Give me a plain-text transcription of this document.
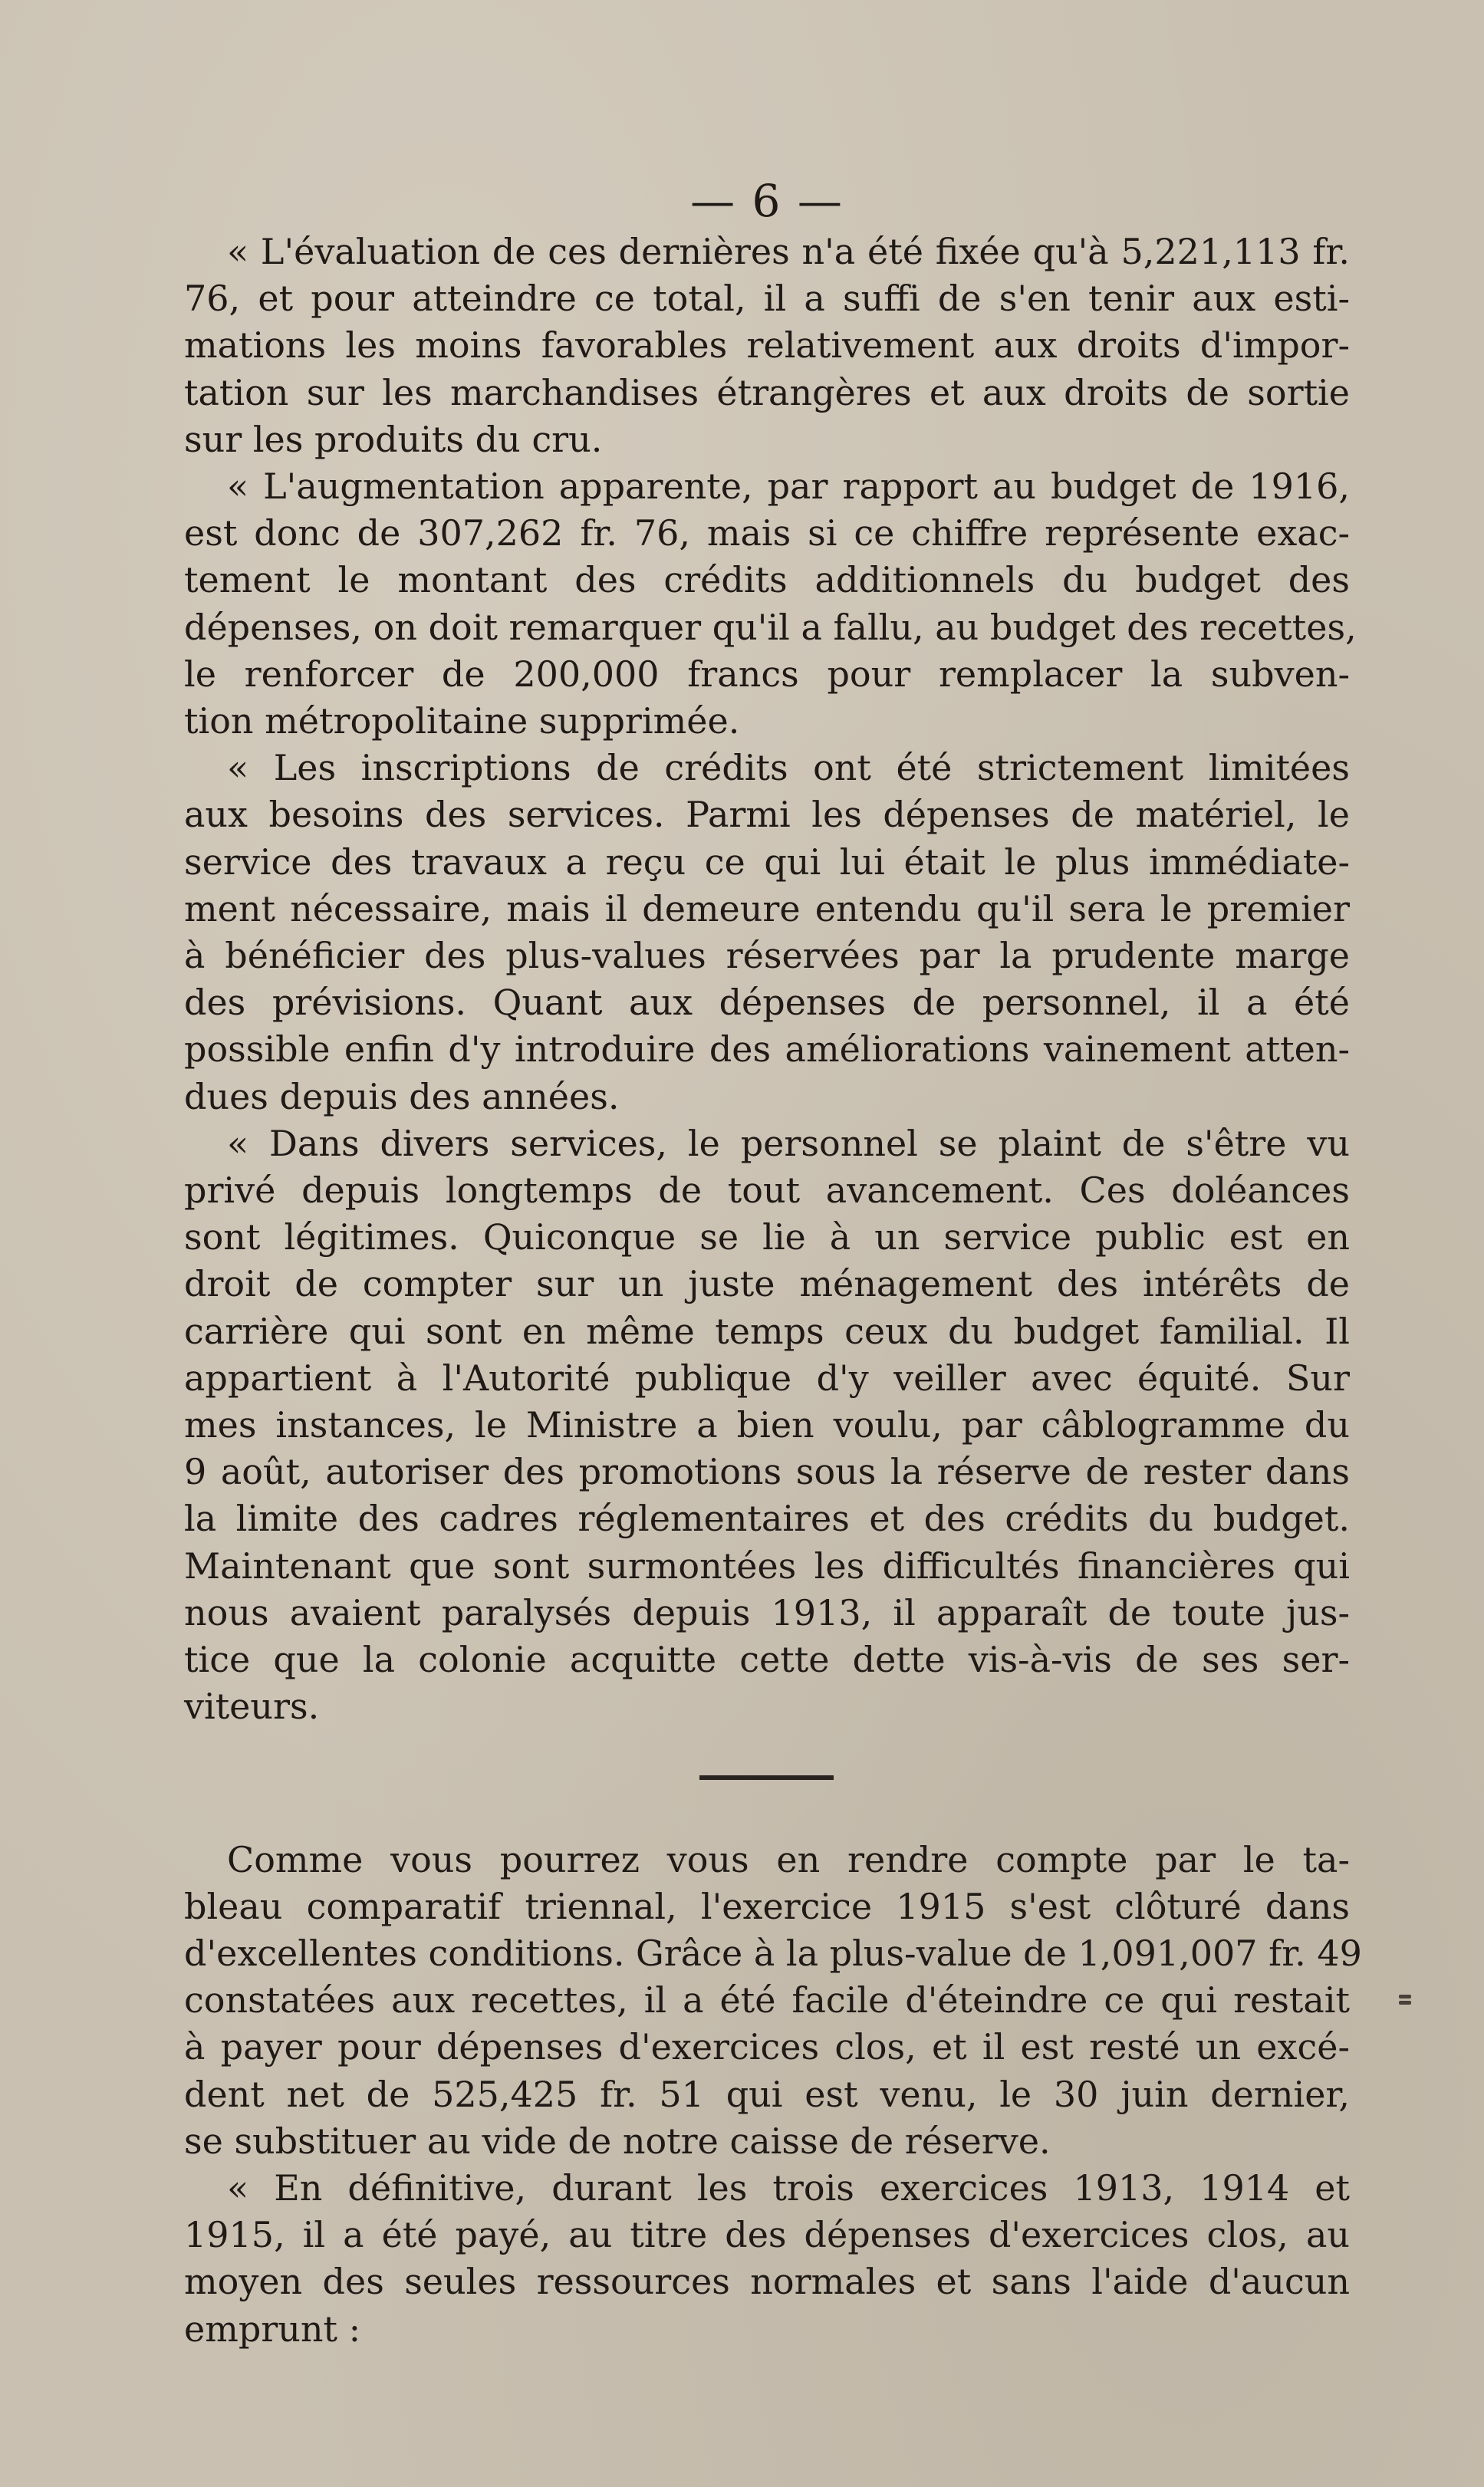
— 6 —

« L'évaluation de ces dernières n'a été fixée qu'à 5,221,113 fr.
76, et pour atteindre ce total, il a suffi de s'en tenir aux esti-
mations les moins favorables relativement aux droits d'impor-
tation sur les marchandises étrangères et aux droits de sortie
sur les produits du cru.

« L'augmentation apparente, par rapport au budget de 1916,
est donc de 307,262 fr. 76, mais si ce chiffre représente exac-
tement le montant des crédits additionnels du budget des
dépenses, on doit remarquer qu'il a fallu, au budget des recettes,
le renforcer de 200,000 francs pour remplacer la subven-
tion métropolitaine supprimée.

« Les inscriptions de crédits ont été strictement limitées
aux besoins des services. Parmi les dépenses de matériel, le
service des travaux a reçu ce qui lui était le plus immédiate-
ment nécessaire, mais il demeure entendu qu'il sera le premier
à bénéficier des plus-values réservées par la prudente marge
des prévisions. Quant aux dépenses de personnel, il a été
possible enfin d'y introduire des améliorations vainement atten-
dues depuis des années.

« Dans divers services, le personnel se plaint de s'être vu
privé depuis longtemps de tout avancement. Ces doléances
sont légitimes. Quiconque se lie à un service public est en
droit de compter sur un juste ménagement des intérêts de
carrière qui sont en même temps ceux du budget familial. Il
appartient à l'Autorité publique d'y veiller avec équité. Sur
mes instances, le Ministre a bien voulu, par câblogramme du
9 août, autoriser des promotions sous la réserve de rester dans
la limite des cadres réglementaires et des crédits du budget.
Maintenant que sont surmontées les difficultés financières qui
nous avaient paralysés depuis 1913, il apparaît de toute jus-
tice que la colonie acquitte cette dette vis-à-vis de ses ser-
viteurs.

Comme vous pourrez vous en rendre compte par le ta-
bleau comparatif triennal, l'exercice 1915 s'est clôturé dans
d'excellentes conditions. Grâce à la plus-value de 1,091,007 fr. 49
constatées aux recettes, il a été facile d'éteindre ce qui restait
à payer pour dépenses d'exercices clos, et il est resté un excé-
dent net de 525,425 fr. 51 qui est venu, le 30 juin dernier,
se substituer au vide de notre caisse de réserve.

« En définitive, durant les trois exercices 1913, 1914 et
1915, il a été payé, au titre des dépenses d'exercices clos, au
moyen des seules ressources normales et sans l'aide d'aucun
emprunt :
